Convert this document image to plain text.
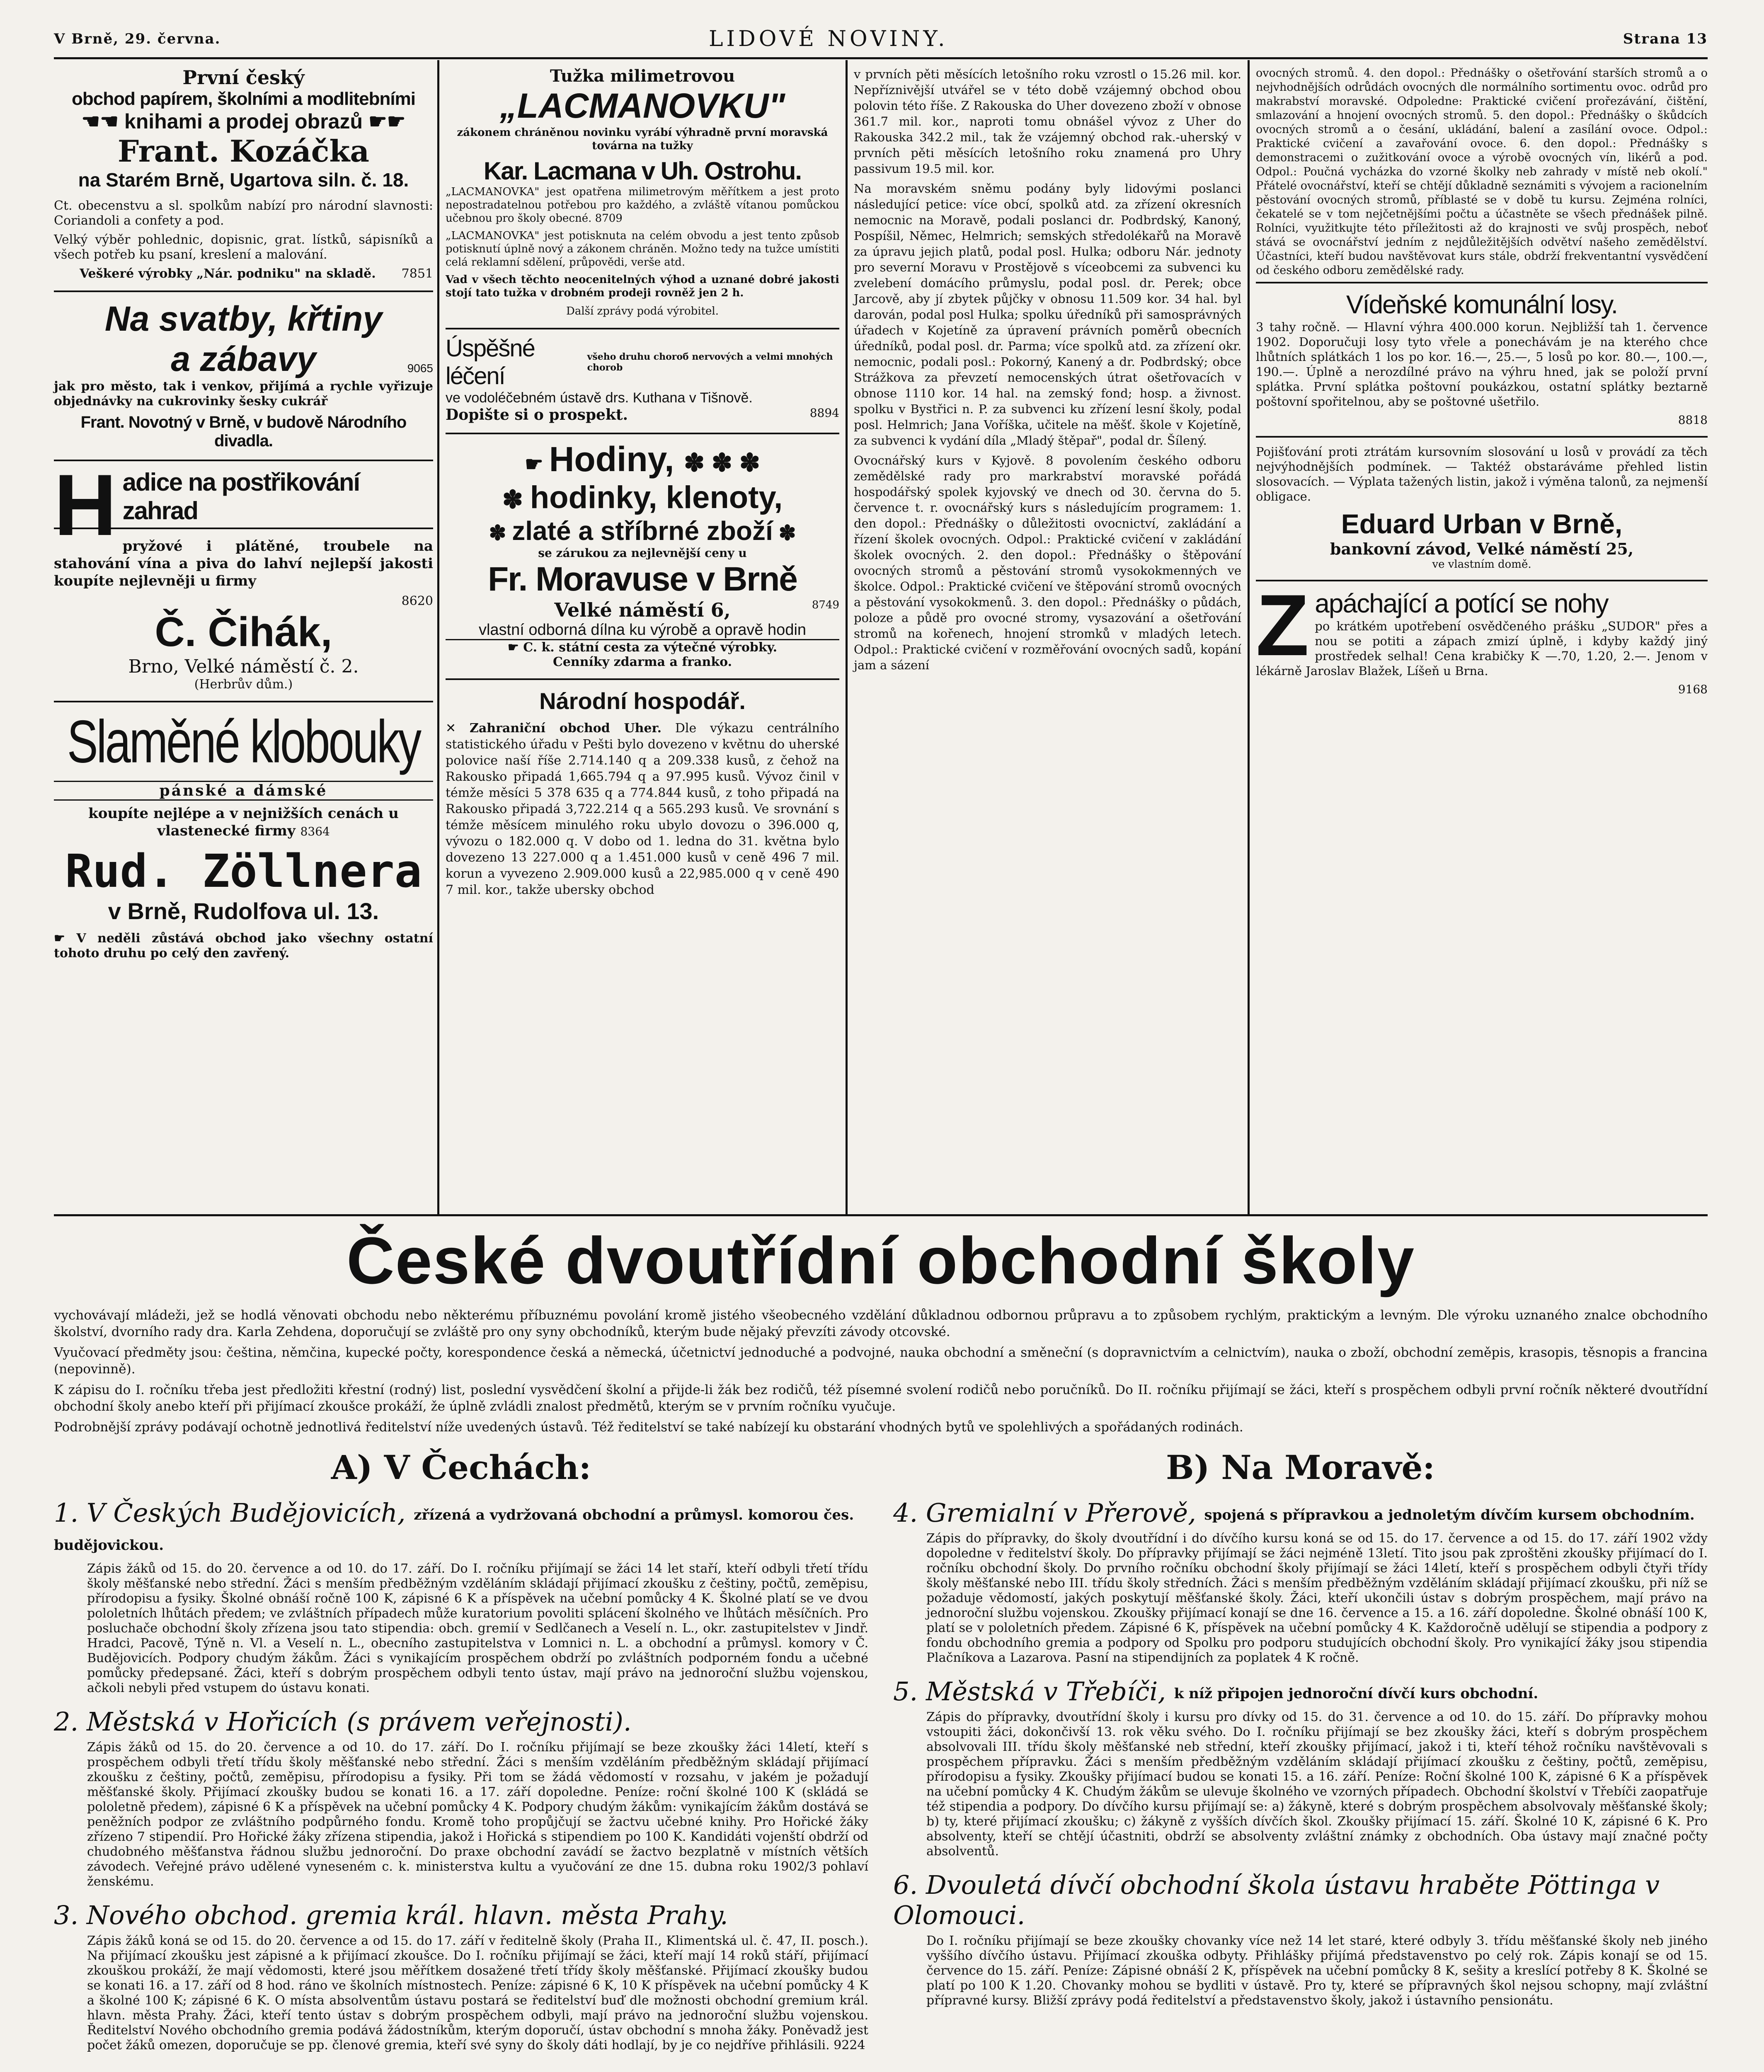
V Brně, 29. června.	LIDOVÉ NOVINY.	Strana 13
První český
obchod papírem, školními a modlitebními
☚☚ knihami a prodej obrazů ☛☛
Frant. Kozáčka
na Starém Brně, Ugartova siln. č. 18.

Ct. obecenstvu a sl. spolkům nabízí pro národní slavnosti: Coriandoli a confety a pod.

Velký výběr pohlednic, dopisnic, grat. lístků, sápisníků a všech potřeb ku psaní, kreslení a malování.

Veškeré výrobky „Nár. podniku" na skladě. 7851

Na svatby, křtiny
a zábavy	9065

jak pro město, tak i venkov, přijímá a rychle vyřizuje objednávky na cukrovinky šesky cukrář

Frant. Novotný v Brně, v budově Národního divadla.
H adice na postřikování zahrad

pryžové i plátěné, troubele na stahování vína a piva do lahví nejlepší jakosti koupíte nejlevněji u firmy

8620
Č. Čihák,
Brno, Velké náměstí č. 2.
(Herbrův dům.)
Slaměné klobouky
pánské a dámské

koupíte nejlépe a v nejnižších cenách u vlastenecké firmy 8364

Rud. Zöllnera
v Brně, Rudolfova ul. 13.

☛ V neděli zůstává obchod jako všechny ostatní tohoto druhu po celý den zavřený.

Tužka milimetrovou
„LACMANOVKU"

zákonem chráněnou novinku vyrábí výhradně první moravská továrna na tužky

Kar. Lacmana v Uh. Ostrohu.

„LACMANOVKA" jest opatřena milimetrovým měřítkem a jest proto nepostradatelnou potřebou pro každého, a zvláště vítanou pomůckou učebnou pro školy obecné. 8709

„LACMANOVKA" jest potisknuta na celém obvodu a jest tento způsob potisknutí úplně nový a zákonem chráněn. Možno tedy na tužce umístiti celá reklamní sdělení, průpovědi, verše atd.

Vad v všech těchto neocenitelných výhod a uznané dobré jakosti stojí tato tužka v drobném prodeji rovněž jen 2 h.

Další zprávy podá výrobitel.

Úspěšné léčení
všeho druhu choroб nervových a velmi mnohých chorob
ve vodoléčebném ústavě drs. Kuthana v Tišnově.
Dopište si o prospekt.	8894
☛ Hodiny, ✽ ✽ ✽
✽ hodinky, klenoty,
✽ zlaté a stříbrné zboží ✽
se zárukou za nejlevnější ceny u
Fr. Moravuse v Brně
Velké náměstí 6,	8749
vlastní odborná dílna ku výrobě a opravě hodin
☛ C. k. státní cesta za výtečné výrobky.
Cenníky zdarma a franko.
Národní hospodář.

✕ Zahraniční obchod Uher. Dle výkazu centrálního statistického úřadu v Pešti bylo dovezeno v květnu do uherské polovice naší říše 2.714.140 q a 209.338 kusů, z čehož na Rakousko připadá 1,665.794 q a 97.995 kusů. Vývoz činil v témže měsíci 5 378 635 q a 774.844 kusů, z toho připadá na Rakousko připadá 3,722.214 q a 565.293 kusů. Ve srovnání s témže měsícem minulého roku ubylo dovozu o 396.000 q, vývozu o 182.000 q. V dobo od 1. ledna do 31. května bylo dovezeno 13 227.000 q a 1.451.000 kusů v ceně 496 7 mil. korun a vyvezeno 2.909.000 kusů a 22,985.000 q v ceně 490 7 mil. kor., takže ubersky obchod

v prvních pěti měsících letošního roku vzrostl o 15.26 mil. kor. Nepříznivější utvářel se v této době vzájemný obchod obou polovin této říše. Z Rakouska do Uher dovezeno zboží v obnose 361.7 mil. kor., naproti tomu obnášel vývoz z Uher do Rakouska 342.2 mil., tak že vzájemný obchod rak.-uherský v prvních pěti měsících letošního roku znamená pro Uhry passivum 19.5 mil. kor.

Na moravském sněmu podány byly lidovými poslanci následující petice: více obcí, spolků atd. za zřízení okresních nemocnic na Moravě, podali poslanci dr. Podbrdský, Kanoný, Pospíšil, Němec, Helmrich; semských středolékařů na Moravě za úpravu jejich platů, podal posl. Hulka; odboru Nár. jednoty pro severní Moravu v Prostějově s víceobcemi za subvenci ku zvelebení domácího průmyslu, podal posl. dr. Perek; obce Jarcově, aby jí zbytek půjčky v obnosu 11.509 kor. 34 hal. byl darován, podal posl Hulka; spolku úředníků při samosprávných úřadech v Kojetíně za úpravení právních poměrů obecních úředníků, podal posl. dr. Parma; více spolků atd. za zřízení okr. nemocnic, podali posl.: Pokorný, Kanený a dr. Podbrdský; obce Strážkova za převzetí nemocenských útrat ošetřovacích v obnose 1110 kor. 14 hal. na zemský fond; hosp. a živnost. spolku v Bystřici n. P. za subvenci ku zřízení lesní školy, podal posl. Helmrich; Jana Voříška, učitele na měšť. škole v Kojetíně, za subvenci k vydání díla „Mladý štěpař", podal dr. Šílený.

Ovocnářský kurs v Kyjově. 8 povolením českého odboru zemědělské rady pro markrabství moravské pořádá hospodářský spolek kyjovský ve dnech od 30. června do 5. července t. r. ovocnářský kurs s následujícím programem: 1. den dopol.: Přednášky o důležitosti ovocnictví, zakládání a řízení školek ovocných. Odpol.: Praktické cvičení v zakládání školek ovocných. 2. den dopol.: Přednášky o štěpování ovocných stromů a pěstování stromů vysokokmenných ve školce. Odpol.: Praktické cvičení ve štěpování stromů ovocných a pěstování vysokokmenů. 3. den dopol.: Přednášky o půdách, poloze a půdě pro ovocné stromy, vysazování a ošetřování stromů na kořenech, hnojení stromků v mladých letech. Odpol.: Praktické cvičení v rozměřování ovocných sadů, kopání jam a sázení

ovocných stromů. 4. den dopol.: Přednášky o ošetřování starších stromů a o nejvhodnějších odrůdách ovocných dle normálního sortimentu ovoc. odrůd pro makrabství moravské. Odpoledne: Praktické cvičení prořezávání, čištění, smlazování a hnojení ovocných stromů. 5. den dopol.: Přednášky o škůdcích ovocných stromů a o česání, ukládání, balení a zasílání ovoce. Odpol.: Praktické cvičení a zavařování ovoce. 6. den dopol.: Přednášky s demonstracemi o zužitkování ovoce a výrobě ovocných vín, likérů a pod. Odpol.: Poučná vycházka do vzorné školky neb zahrady v místě neb okolí." Přátelé ovocnářství, kteří se chtějí důkladně seznámiti s vývojem a racionelním pěstování ovocných stromů, příblasté se v době tu kursu. Zejména rolníci, čekatelé se v tom nejčetnějšími počtu a účastněte se všech přednášek pilně. Rolníci, využitkujte této příležitosti až do krajnosti ve svůj prospěch, neboť stává se ovocnářství jedním z nejdůležitějších odvětví našeho zemědělství. Účastníci, kteří budou navštěvovat kurs stále, obdrží frekventantní vysvědčení od českého odboru zemědělské rady.

Vídeňské komunální losy.

3 tahy ročně. — Hlavní výhra 400.000 korun. Nejbližší tah 1. července 1902. Doporučuji losy tyto vřele a ponechávám je na kterého chce lhůtních splátkách 1 los po kor. 16.—, 25.—, 5 losů po kor. 80.—, 100.—, 190.—. Úplně a nerozdílné právo na výhru hned, jak se položí první splátka. První splátka poštovní poukázkou, ostatní splátky beztarně poštovní spořitelnou, aby se poštovné ušetřilo.

8818

Pojišťování proti ztrátám kursovním slosování u losů v provádí za těch nejvýhodnějších podmínek. — Taktéž obstaráváme přehled listin slosovacích. — Výplata tažených listin, jakož i výměna talonů, za nejmenší obligace.

Eduard Urban v Brně,
bankovní závod, Velké náměstí 25,
ve vlastním domě.
Z apáchající a potící se nohy

po krátkém upotřebení osvědčeného prášku „SUDOR" přes a nou se potiti a zápach zmizí úplně, i kdyby každý jiný prostředek selhal! Cena krabičky K —.70, 1.20, 2.—. Jenom v lékárně Jaroslav Blažek, Líšeň u Brna.

9168
České dvoutřídní obchodní školy

vychovávají mládeži, jež se hodlá věnovati obchodu nebo některému příbuznému povolání kromě jistého všeobecného vzdělání důkladnou odbornou průpravu a to způsobem rychlým, praktickým a levným. Dle výroku uznaného znalce obchodního školství, dvorního rady dra. Karla Zehdena, doporučují se zvláště pro ony syny obchodníků, kterým bude nějaký převzíti závody otcovské.

Vyučovací předměty jsou: čeština, němčina, kupecké počty, korespondence česká a německá, účetnictví jednoduché a podvojné, nauka obchodní a směneční (s dopravnictvím a celnictvím), nauka o zboží, obchodní zeměpis, krasopis, těsnopis a francina (nepovinně).

K zápisu do I. ročníku třeba jest předložiti křestní (rodný) list, poslední vysvědčení školní a přijde-li žák bez rodičů, též písemné svolení rodičů nebo poručníků. Do II. ročníku přijímají se žáci, kteří s prospěchem odbyli první ročník některé dvoutřídní obchodní školy anebo kteří při přijímací zkoušce prokáží, že úplně zvládli znalost předmětů, kterým se v prvním ročníku vyučuje.

Podrobnější zprávy podávají ochotně jednotlivá ředitelství níže uvedených ústavů. Též ředitelství se také nabízejí ku obstarání vhodných bytů ve spolehlivých a spořádaných rodinách.

A) V Čechách:
1. V Českých Budějovicích, zřízená a vydržovaná obchodní a průmysl. komorou čes. budějovickou.

Zápis žáků od 15. do 20. července a od 10. do 17. září. Do I. ročníku přijímají se žáci 14 let staří, kteří odbyli třetí třídu školy měšťanské nebo střední. Žáci s menším předběžným vzděláním skládají přijímací zkoušku z češtiny, počtů, zeměpisu, přírodopisu a fysiky. Školné obnáší ročně 100 K, zápisné 6 K a příspěvek na učební pomůcky 4 K. Školné platí se ve dvou pololetních lhůtách předem; ve zvláštních případech může kuratorium povoliti splácení školného ve lhůtách měsíčních. Pro posluchače obchodní školy zřízena jsou tato stipendia: obch. gremií v Sedlčanech a Veselí n. L., okr. zastupitelstev v Jindř. Hradci, Pacově, Týně n. Vl. a Veselí n. L., obecního zastupitelstva v Lomnici n. L. a obchodní a průmysl. komory v Č. Budějovicích. Podpory chudým žákům. Žáci s vynikajícím prospěchem obdrží po zvláštních podporném fondu a učebné pomůcky předepsané. Žáci, kteří s dobrým prospěchem odbyli tento ústav, mají právo na jednoroční službu vojenskou, ačkoli nebyli před vstupem do ústavu konati.

2. Městská v Hořicích (s právem veřejnosti).

Zápis žáků od 15. do 20. července a od 10. do 17. září. Do I. ročníku přijímají se beze zkoušky žáci 14letí, kteří s prospěchem odbyli třetí třídu školy měšťanské nebo střední. Žáci s menším vzděláním předběžným skládají přijímací zkoušku z češtiny, počtů, zeměpisu, přírodopisu a fysiky. Při tom se žádá vědomostí v rozsahu, v jakém je požadují měšťanské školy. Přijímací zkoušky budou se konati 16. a 17. září dopoledne. Peníze: roční školné 100 K (skládá se pololetně předem), zápisné 6 K a příspěvek na učební pomůcky 4 K. Podpory chudým žákům: vynikajícím žákům dostává se peněžních podpor ze zvláštního podpůrného fondu. Kromě toho propůjčují se žactvu učebné knihy. Pro Hořické žáky zřízeno 7 stipendií. Pro Hořické žáky zřízena stipendia, jakož i Hořická s stipendiem po 100 K. Kandidáti vojenští obdrží od chudobného měšťanstva řádnou službu jednoroční. Do praxe obchodní zavádí se žactvo bezplatně v místních větších závodech. Veřejné právo udělené vyneseném c. k. ministerstva kultu a vyučování ze dne 15. dubna roku 1902/3 pohlaví ženskému.

3. Nového obchod. gremia král. hlavn. města Prahy.

Zápis žáků koná se od 15. do 20. července a od 15. do 17. září v ředitelně školy (Praha II., Klimentská ul. č. 47, II. posch.). Na přijímací zkoušku jest zápisné a k přijímací zkoušce. Do I. ročníku přijímají se žáci, kteří mají 14 roků stáří, přijímací zkouškou prokáží, že mají vědomosti, které jsou měřítkem dosažené třetí třídy školy měšťanské. Přijímací zkoušky budou se konati 16. a 17. září od 8 hod. ráno ve školních místnostech. Peníze: zápisné 6 K, 10 K příspěvek na učební pomůcky 4 K a školné 100 K; zápisné 6 K. O místa absolventům ústavu postará se ředitelství buď dle možnosti obchodní gremium král. hlavn. města Prahy. Žáci, kteří tento ústav s dobrým prospěchem odbyli, mají právo na jednoroční službu vojenskou. Ředitelství Nového obchodního gremia podává žádostníkům, kterým doporučí, ústav obchodní s mnoha žáky. Poněvadž jest počet žáků omezen, doporučuje se pp. členové gremia, kteří své syny do školy dáti hodlají, by je co nejdříve přihlásili. 9224

B) Na Moravě:
4. Gremialní v Přerově, spojená s přípravkou a jednoletým dívčím kursem obchodním.

Zápis do přípravky, do školy dvoutřídní i do dívčího kursu koná se od 15. do 17. července a od 15. do 17. září 1902 vždy dopoledne v ředitelství školy. Do přípravky přijímají se žáci nejméně 13letí. Tito jsou pak zproštěni zkoušky přijímací do I. ročníku obchodní školy. Do prvního ročníku obchodní školy přijímají se žáci 14letí, kteří s prospěchem odbyli čtyři třídy školy měšťanské nebo III. třídu školy středních. Žáci s menším předběžným vzděláním skládají přijímací zkoušku, při níž se požaduje vědomostí, jakých poskytují měšťanské školy. Žáci, kteří ukončili ústav s dobrým prospěchem, mají právo na jednoroční službu vojenskou. Zkoušky přijímací konají se dne 16. července a 15. a 16. září dopoledne. Školné obnáší 100 K, platí se v pololetních předem. Zápisné 6 K, příspěvek na učební pomůcky 4 K. Každoročně udělují se stipendia a podpory z fondu obchodního gremia a podpory od Spolku pro podporu studujících obchodní školy. Pro vynikající žáky jsou stipendia Plačníkova a Lazarova. Pasní na stipendijních za poplatek 4 K ročně.

5. Městská v Třebíči, k níž připojen jednoroční dívčí kurs obchodní.

Zápis do přípravky, dvoutřídní školy i kursu pro dívky od 15. do 31. července a od 10. do 15. září. Do přípravky mohou vstoupiti žáci, dokončivší 13. rok věku svého. Do I. ročníku přijímají se bez zkoušky žáci, kteří s dobrým prospěchem absolvovali III. třídu školy měšťanské neb střední, kteří zkoušky přijímací, jakož i ti, kteří téhož ročníku navštěvovali s prospěchem přípravku. Žáci s menším předběžným vzděláním skládají přijímací zkoušku z češtiny, počtů, zeměpisu, přírodopisu a fysiky. Zkoušky přijímací budou se konati 15. a 16. září. Peníze: Roční školné 100 K, zápisné 6 K a příspěvek na učební pomůcky 4 K. Chudým žákům se ulevuje školného ve vzorných případech. Obchodní školství v Třebíči zaopatřuje též stipendia a podpory. Do dívčího kursu přijímají se: a) žákyně, které s dobrým prospěchem absolvovaly měšťanské školy; b) ty, které přijímací zkoušku; c) žákyně z vyšších dívčích škol. Zkoušky přijímací 15. září. Školné 10 K, zápisné 6 K. Pro absolventy, kteří se chtějí účastniti, obdrží se absolventy zvláštní známky z obchodních. Oba ústavy mají značné počty absolventů.

6. Dvouletá dívčí obchodní škola ústavu hraběte Pöttinga v Olomouci.

Do I. ročníku přijímají se beze zkoušky chovanky více než 14 let staré, které odbyly 3. třídu měšťanské školy neb jiného vyššího dívčího ústavu. Přijímací zkouška odbyty. Přihlášky přijímá představenstvo po celý rok. Zápis konají se od 15. července do 15. září. Peníze: Zápisné obnáší 2 K, příspěvek na učební pomůcky 8 K, sešity a kreslící potřeby 8 K. Školné se platí po 100 K 1.20. Chovanky mohou se bydliti v ústavě. Pro ty, které se přípravných škol nejsou schopny, mají zvláštní přípravné kursy. Bližší zprávy podá ředitelství a představenstvo školy, jakož i ústavního pensionátu.
